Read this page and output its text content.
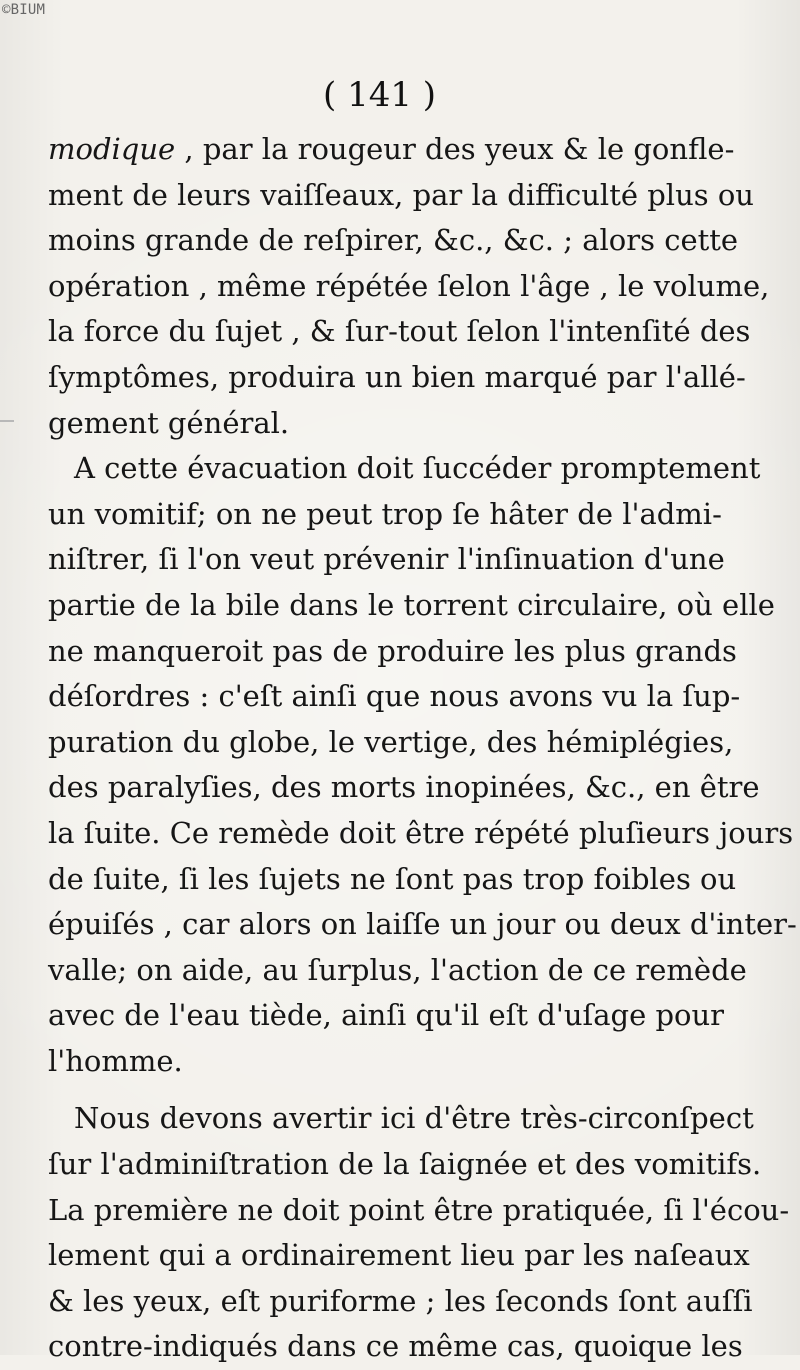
©BIUM
( 141 )
modique , par la rougeur des yeux & le gonfle-
ment de leurs vaiſſeaux, par la difficulté plus ou
moins grande de reſpirer, &c., &c. ; alors cette
opération , même répétée ſelon l'âge , le volume,
la force du ſujet , & ſur-tout ſelon l'intenſité des
ſymptômes, produira un bien marqué par l'allé-
gement général.
A cette évacuation doit ſuccéder promptement
un vomitif; on ne peut trop ſe hâter de l'admi-
niſtrer, ſi l'on veut prévenir l'inſinuation d'une
partie de la bile dans le torrent circulaire, où elle
ne manqueroit pas de produire les plus grands
déſordres : c'eſt ainſi que nous avons vu la ſup-
puration du globe, le vertige, des hémiplégies,
des paralyſies, des morts inopinées, &c., en être
la ſuite. Ce remède doit être répété pluſieurs jours
de ſuite, ſi les ſujets ne ſont pas trop foibles ou
épuiſés , car alors on laiſſe un jour ou deux d'inter-
valle; on aide, au ſurplus, l'action de ce remède
avec de l'eau tiède, ainſi qu'il eſt d'uſage pour
l'homme.
Nous devons avertir ici d'être très-circonſpect
ſur l'adminiſtration de la ſaignée et des vomitifs.
La première ne doit point être pratiquée, ſi l'écou-
lement qui a ordinairement lieu par les naſeaux
& les yeux, eſt puriforme ; les ſeconds ſont auſſi
contre-indiqués dans ce même cas, quoique les
